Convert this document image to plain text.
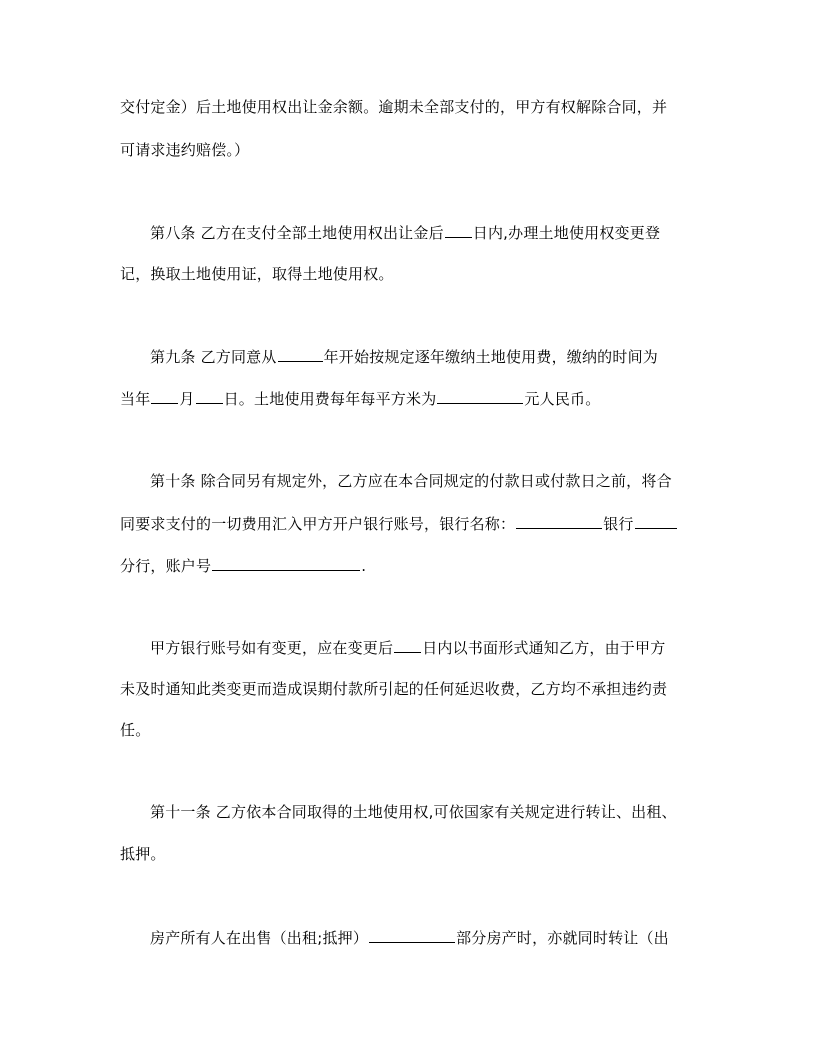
交付定金）后土地使用权出让金余额。逾期未全部支付的，甲方有权解除合同，并
可请求违约赔偿。）
第八条 乙方在支付全部土地使用权出让金后 日内,办理土地使用权变更登
记，换取土地使用证，取得土地使用权。
第九条 乙方同意从	年开始按规定逐年缴纳土地使用费，缴纳的时间为
当年 月 日。土地使用费每年每平方米为	元人民币。
第十条 除合同另有规定外，乙方应在本合同规定的付款日或付款日之前，将合
同要求支付的一切费用汇入甲方开户银行账号，银行名称：	银行
分行，账户号	.
甲方银行账号如有变更，应在变更后 日内以书面形式通知乙方，由于甲方
未及时通知此类变更而造成误期付款所引起的任何延迟收费，乙方均不承担违约责
任。
第十一条 乙方依本合同取得的土地使用权,可依国家有关规定进行转让、出租、
抵押。
房产所有人在出售（出租;抵押）	部分房产时，亦就同时转让（出
